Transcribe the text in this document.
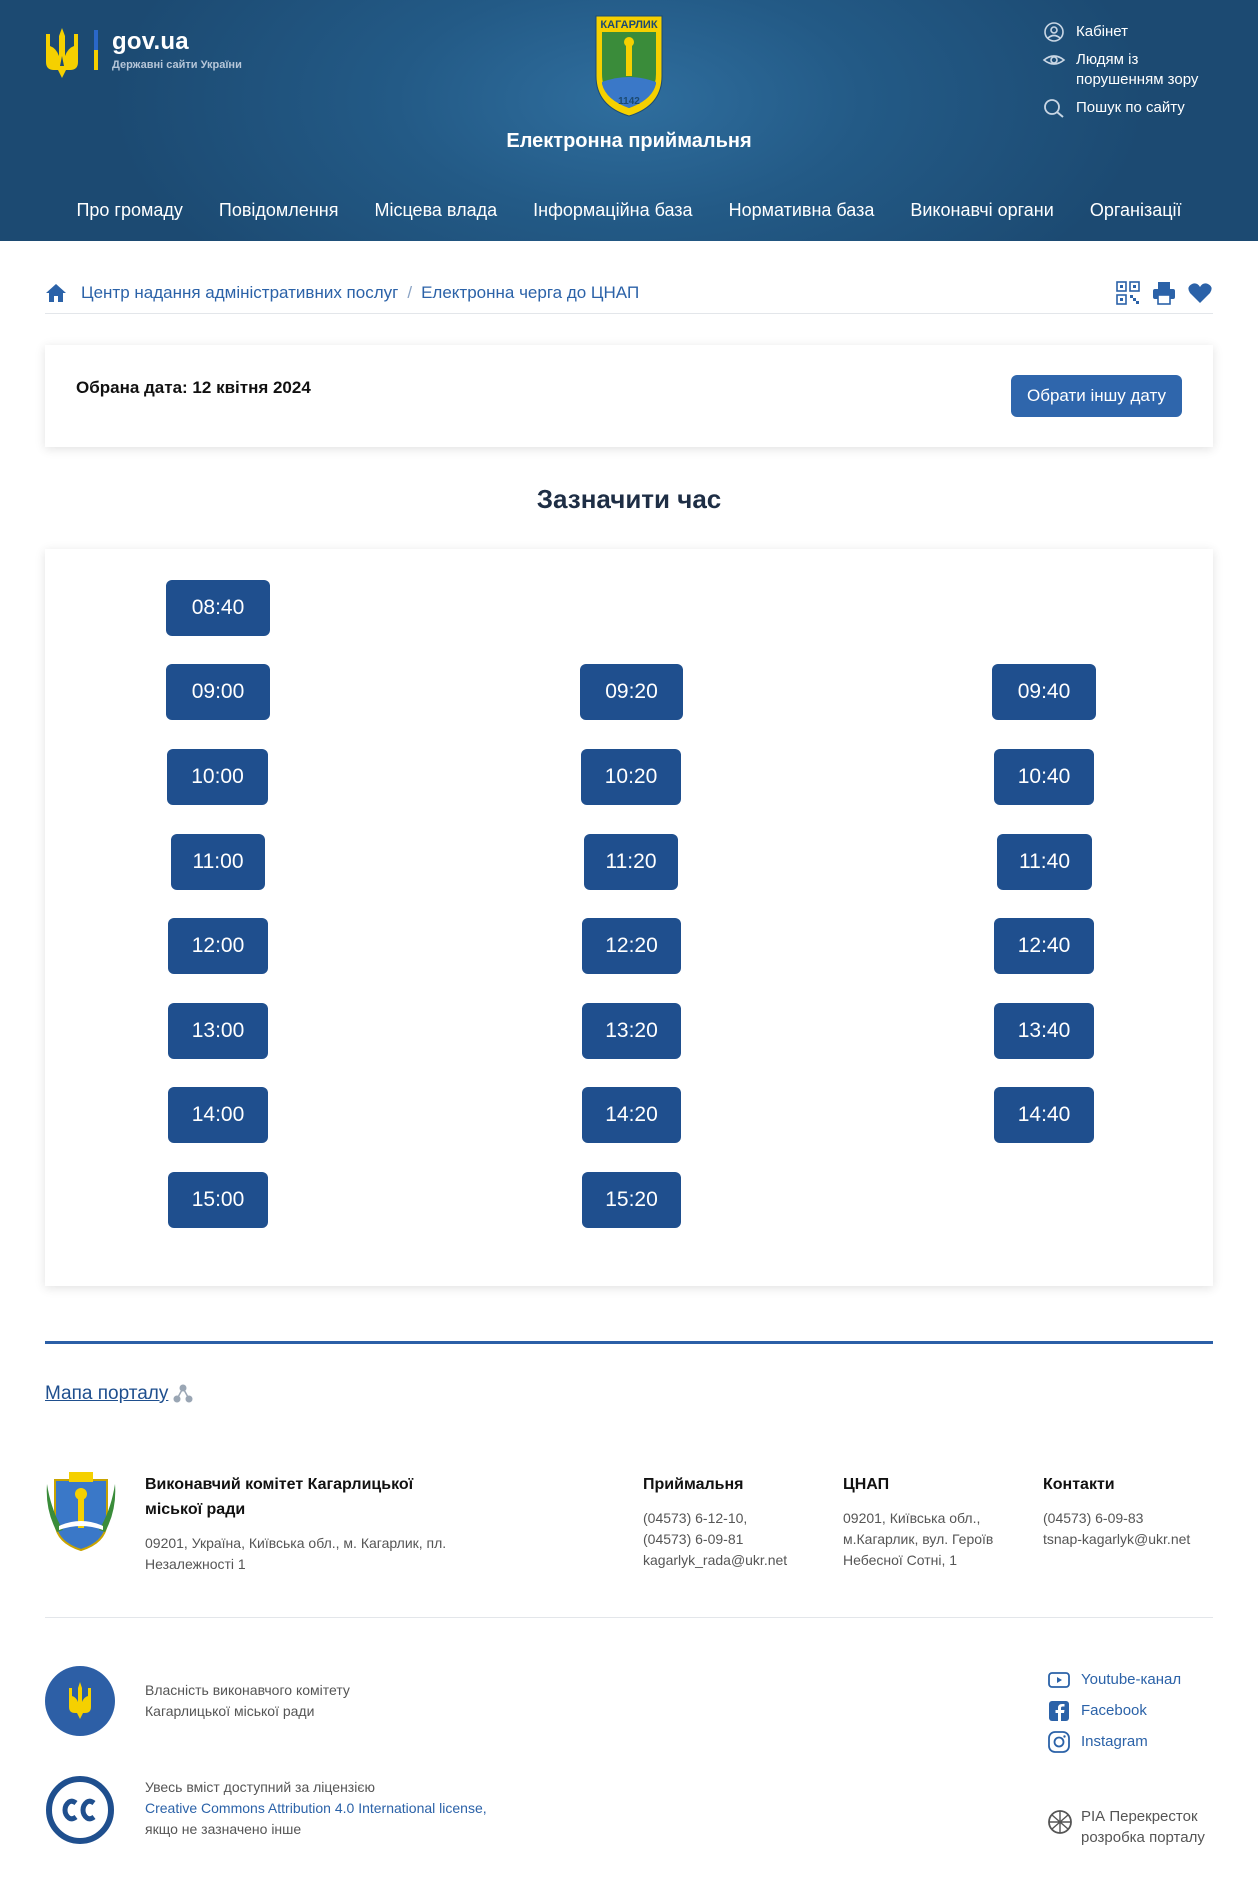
gov.ua
Державні сайти України
КАГАРЛИК
1142
Електронна приймальня
Кабінет
Людям із порушенням зору
Пошук по сайту
Про громаду	Повідомлення	Місцева влада	Інформаційна база	Нормативна база	Виконавчі органи	Організації
Центр надання адміністративних послуг / Електронна черга до ЦНАП
Обрана дата: 12 квітня 2024	Обрати іншу дату
Зазначити час
08:40
09:00	09:20	09:40
10:00	10:20	10:40
11:00	11:20	11:40
12:00	12:20	12:40
13:00	13:20	13:40
14:00	14:20	14:40
15:00	15:20
Мапа порталу
Виконавчий комітет Кагарлицької міської ради
09201, Україна, Київська обл., м. Кагарлик, пл. Незалежності 1
Приймальня
(04573) 6-12-10,
(04573) 6-09-81
kagarlyk_rada@ukr.net
ЦНАП
09201, Київська обл.,
м.Кагарлик, вул. Героїв
Небесної Сотні, 1
Контакти
(04573) 6-09-83
tsnap-kagarlyk@ukr.net
Власність виконавчого комітету
Кагарлицької міської ради
Увесь вміст доступний за ліцензією
Creative Commons Attribution 4.0 International license,
якщо не зазначено інше
Youtube-канал
Facebook
Instagram
РІА Перекресток
розробка порталу
